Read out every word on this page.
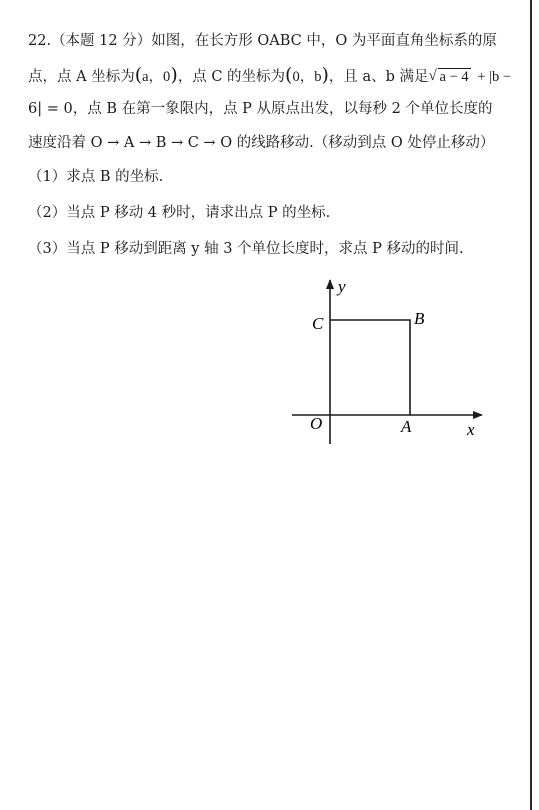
22.（本题 12 分）如图，在长方形 OABC 中，O 为平面直角坐标系的原
点，点 A 坐标为(a，0)，点 C 的坐标为(0，b)，且 a、b 满足√ a − 4 + |b −
6| = 0，点 B 在第一象限内，点 P 从原点出发，以每秒 2 个单位长度的
速度沿着 O → A → B → C → O 的线路移动.（移动到点 O 处停止移动）
（1）求点 B 的坐标.
（2）当点 P 移动 4 秒时，请求出点 P 的坐标.
（3）当点 P 移动到距离 y 轴 3 个单位长度时，求点 P 移动的时间.
y
x
O	A
B
C
